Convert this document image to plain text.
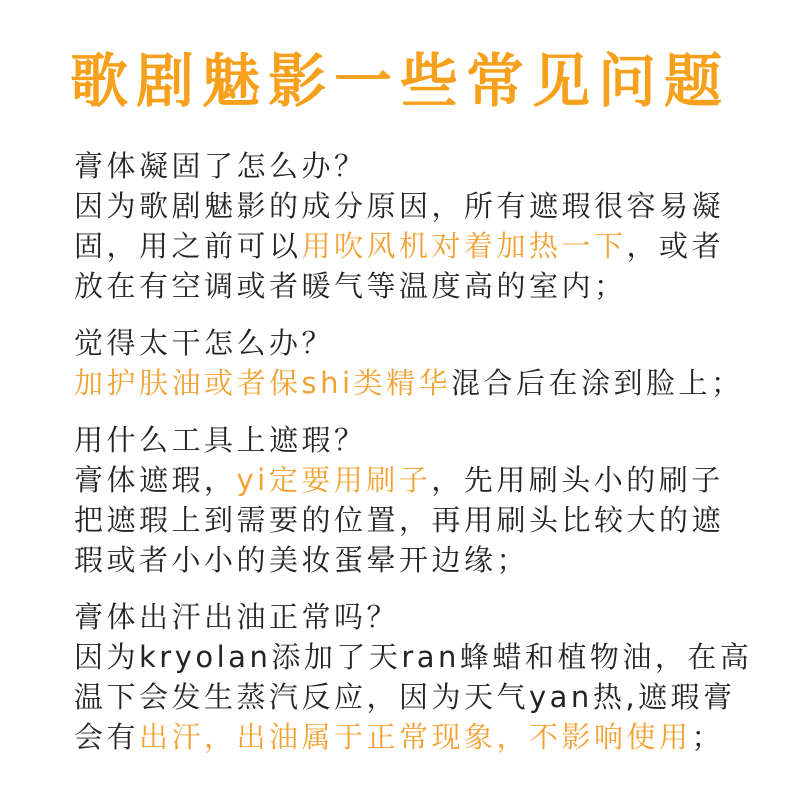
歌剧魅影一些常见问题
膏体凝固了怎么办？
因为歌剧魅影的成分原因，所有遮瑕很容易凝
固，用之前可以用吹风机对着加热一下，或者
放在有空调或者暖气等温度高的室内；
觉得太干怎么办？
加护肤油或者保shi类精华混合后在涂到脸上；
用什么工具上遮瑕？
膏体遮瑕，yi定要用刷子，先用刷头小的刷子
把遮瑕上到需要的位置，再用刷头比较大的遮
瑕或者小小的美妆蛋晕开边缘；
膏体出汗出油正常吗？
因为kryolan添加了天ran蜂蜡和植物油，在高
温下会发生蒸汽反应，因为天气yan热,遮瑕膏
会有出汗，出油属于正常现象，不影响使用；
